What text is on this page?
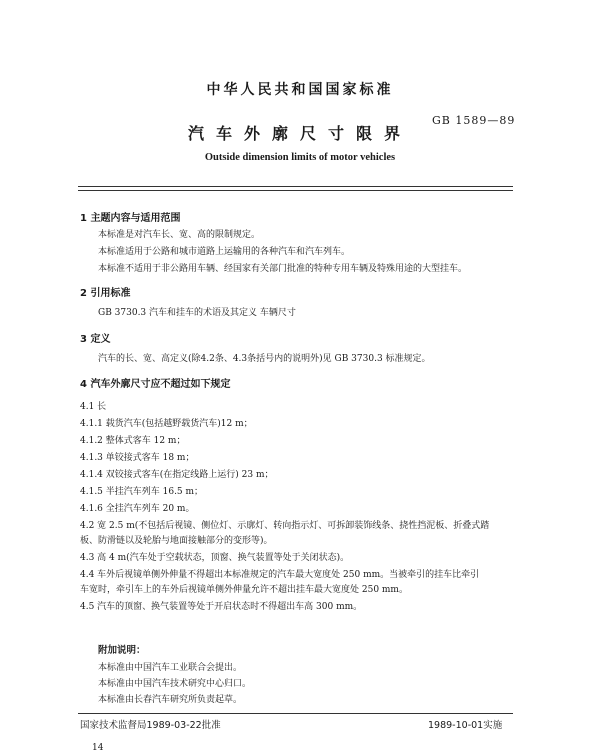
中华人民共和国国家标准
GB 1589—89
汽车外廓尺寸限界
Outside dimension limits of motor vehicles
1 主题内容与适用范围
本标准是对汽车长、宽、高的限制规定。
本标准适用于公路和城市道路上运输用的各种汽车和汽车列车。
本标准不适用于非公路用车辆、经国家有关部门批准的特种专用车辆及特殊用途的大型挂车。
2 引用标准
GB 3730.3 汽车和挂车的术语及其定义 车辆尺寸
3 定义
汽车的长、宽、高定义(除4.2条、4.3条括号内的说明外)见 GB 3730.3 标准规定。
4 汽车外廓尺寸应不超过如下规定
4.1 长
4.1.1 载货汽车(包括越野载货汽车)12 m；
4.1.2 整体式客车 12 m；
4.1.3 单铰接式客车 18 m；
4.1.4 双铰接式客车(在指定线路上运行) 23 m；
4.1.5 半挂汽车列车 16.5 m；
4.1.6 全挂汽车列车 20 m。
4.2 宽 2.5 m(不包括后视镜、侧位灯、示廓灯、转向指示灯、可拆卸装饰线条、挠性挡泥板、折叠式踏
板、防滑链以及轮胎与地面接触部分的变形等)。
4.3 高 4 m(汽车处于空载状态，顶窗、换气装置等处于关闭状态)。
4.4 车外后视镜单侧外伸量不得超出本标准规定的汽车最大宽度处 250 mm。当被牵引的挂车比牵引
车宽时，牵引车上的车外后视镜单侧外伸量允许不超出挂车最大宽度处 250 mm。
4.5 汽车的顶窗、换气装置等处于开启状态时不得超出车高 300 mm。
附加说明：
本标准由中国汽车工业联合会提出。
本标准由中国汽车技术研究中心归口。
本标准由长春汽车研究所负责起草。
国家技术监督局1989-03-22批准	1989-10-01实施
14
